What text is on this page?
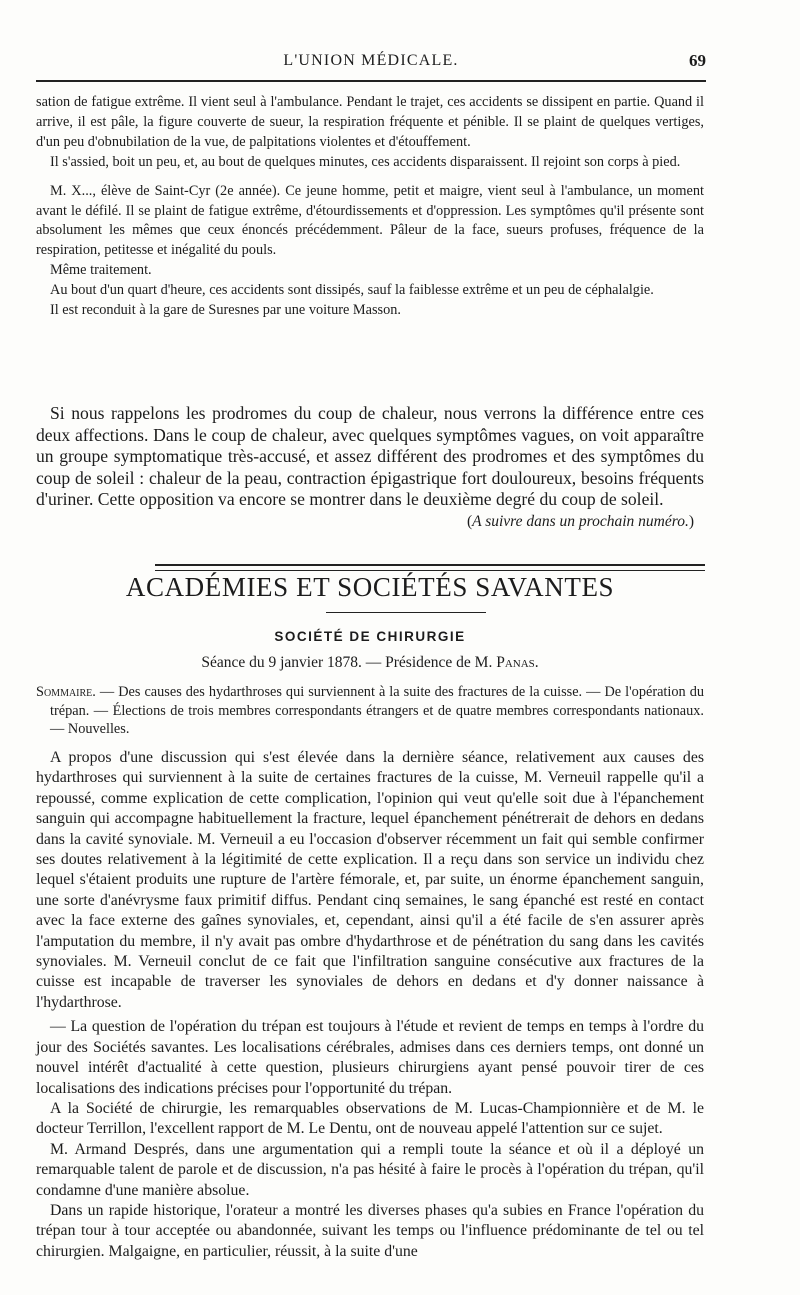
L'UNION MÉDICALE.	69

sation de fatigue extrême. Il vient seul à l'ambulance. Pendant le trajet, ces accidents se dissipent en partie. Quand il arrive, il est pâle, la figure couverte de sueur, la respiration fréquente et pénible. Il se plaint de quelques vertiges, d'un peu d'obnubilation de la vue, de palpitations violentes et d'étouffement.

Il s'assied, boit un peu, et, au bout de quelques minutes, ces accidents disparaissent. Il rejoint son corps à pied.

M. X..., élève de Saint-Cyr (2e année). Ce jeune homme, petit et maigre, vient seul à l'ambulance, un moment avant le défilé. Il se plaint de fatigue extrême, d'étourdissements et d'oppression. Les symptômes qu'il présente sont absolument les mêmes que ceux énoncés précédemment. Pâleur de la face, sueurs profuses, fréquence de la respiration, petitesse et inégalité du pouls.

Même traitement.

Au bout d'un quart d'heure, ces accidents sont dissipés, sauf la faiblesse extrême et un peu de céphalalgie.

Il est reconduit à la gare de Suresnes par une voiture Masson.

Si nous rappelons les prodromes du coup de chaleur, nous verrons la différence entre ces deux affections. Dans le coup de chaleur, avec quelques symptômes vagues, on voit apparaître un groupe symptomatique très-accusé, et assez différent des prodromes et des symptômes du coup de soleil : chaleur de la peau, contraction épigastrique fort douloureux, besoins fréquents d'uriner. Cette opposition va encore se montrer dans le deuxième degré du coup de soleil.

(A suivre dans un prochain numéro.)

ACADÉMIES ET SOCIÉTÉS SAVANTES
SOCIÉTÉ DE CHIRURGIE
Séance du 9 janvier 1878. — Présidence de M. Panas.

Sommaire. — Des causes des hydarthroses qui surviennent à la suite des fractures de la cuisse. — De l'opération du trépan. — Élections de trois membres correspondants étrangers et de quatre membres correspondants nationaux. — Nouvelles.

A propos d'une discussion qui s'est élevée dans la dernière séance, relativement aux causes des hydarthroses qui surviennent à la suite de certaines fractures de la cuisse, M. Verneuil rappelle qu'il a repoussé, comme explication de cette complication, l'opinion qui veut qu'elle soit due à l'épanchement sanguin qui accompagne habituellement la fracture, lequel épanchement pénétrerait de dehors en dedans dans la cavité synoviale. M. Verneuil a eu l'occasion d'observer récemment un fait qui semble confirmer ses doutes relativement à la légitimité de cette explication. Il a reçu dans son service un individu chez lequel s'étaient produits une rupture de l'artère fémorale, et, par suite, un énorme épanchement sanguin, une sorte d'anévrysme faux primitif diffus. Pendant cinq semaines, le sang épanché est resté en contact avec la face externe des gaînes synoviales, et, cependant, ainsi qu'il a été facile de s'en assurer après l'amputation du membre, il n'y avait pas ombre d'hydarthrose et de pénétration du sang dans les cavités synoviales. M. Verneuil conclut de ce fait que l'infiltration sanguine consécutive aux fractures de la cuisse est incapable de traverser les synoviales de dehors en dedans et d'y donner naissance à l'hydarthrose.

— La question de l'opération du trépan est toujours à l'étude et revient de temps en temps à l'ordre du jour des Sociétés savantes. Les localisations cérébrales, admises dans ces derniers temps, ont donné un nouvel intérêt d'actualité à cette question, plusieurs chirurgiens ayant pensé pouvoir tirer de ces localisations des indications précises pour l'opportunité du trépan.

A la Société de chirurgie, les remarquables observations de M. Lucas-Championnière et de M. le docteur Terrillon, l'excellent rapport de M. Le Dentu, ont de nouveau appelé l'attention sur ce sujet.

M. Armand Després, dans une argumentation qui a rempli toute la séance et où il a déployé un remarquable talent de parole et de discussion, n'a pas hésité à faire le procès à l'opération du trépan, qu'il condamne d'une manière absolue.

Dans un rapide historique, l'orateur a montré les diverses phases qu'a subies en France l'opération du trépan tour à tour acceptée ou abandonnée, suivant les temps ou l'influence prédominante de tel ou tel chirurgien. Malgaigne, en particulier, réussit, à la suite d'une
